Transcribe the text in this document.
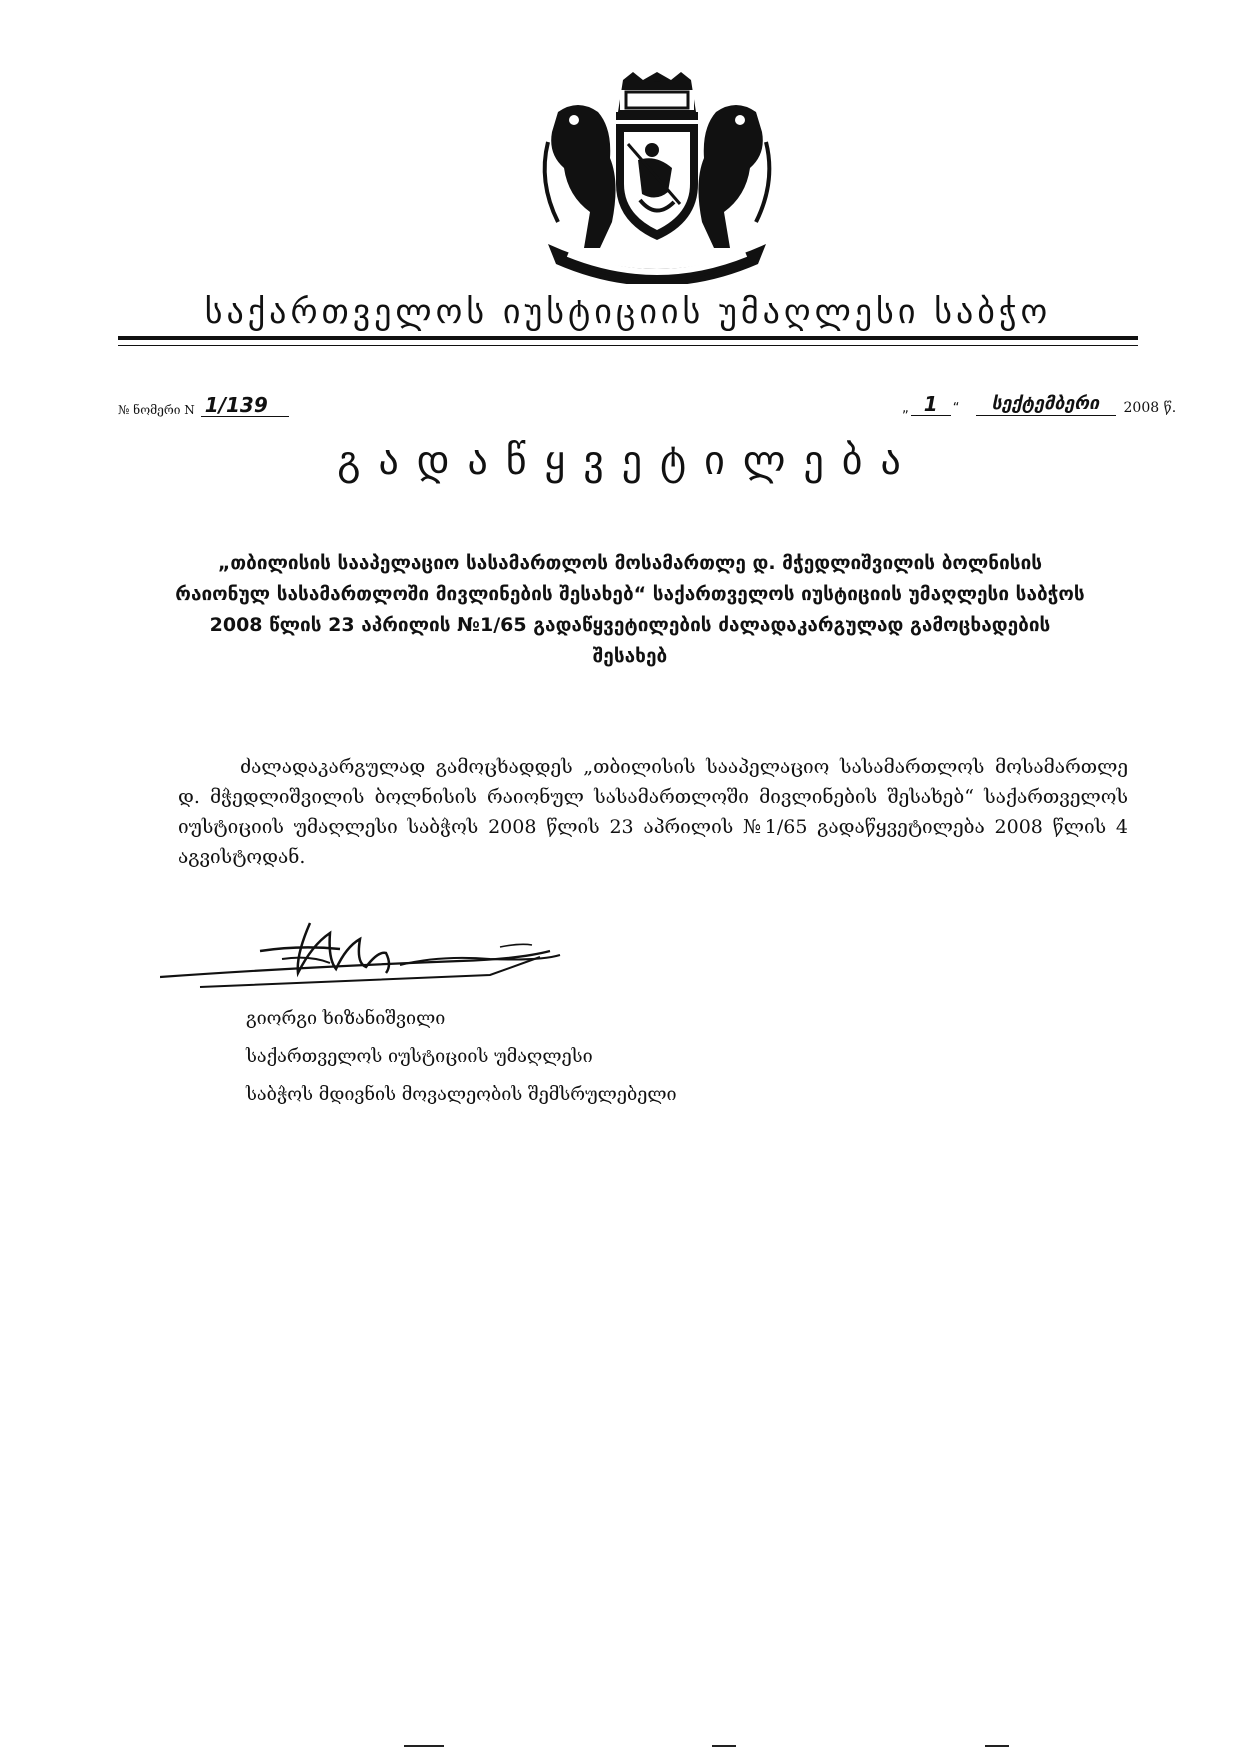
საქართველოს იუსტიციის უმაღლესი საბჭო
№ ნომერი N 1/139	„ 1	“	სექტემბერი	2008 წ.
გადაწყვეტილება
„თბილისის სააპელაციო სასამართლოს მოსამართლე დ. მჭედლიშვილის ბოლნისის რაიონულ სასამართლოში მივლინების შესახებ“ საქართველოს იუსტიციის უმაღლესი საბჭოს 2008 წლის 23 აპრილის №1/65 გადაწყვეტილების ძალადაკარგულად გამოცხადების შესახებ
ძალადაკარგულად გამოცხადდეს „თბილისის სააპელაციო სასამართლოს მოსამართლე დ. მჭედლიშვილის ბოლნისის რაიონულ სასამართლოში მივლინების შესახებ“ საქართველოს იუსტიციის უმაღლესი საბჭოს 2008 წლის 23 აპრილის №1/65 გადაწყვეტილება 2008 წლის 4 აგვისტოდან.
გიორგი ხიზანიშვილი
საქართველოს იუსტიციის უმაღლესი
საბჭოს მდივნის მოვალეობის შემსრულებელი
